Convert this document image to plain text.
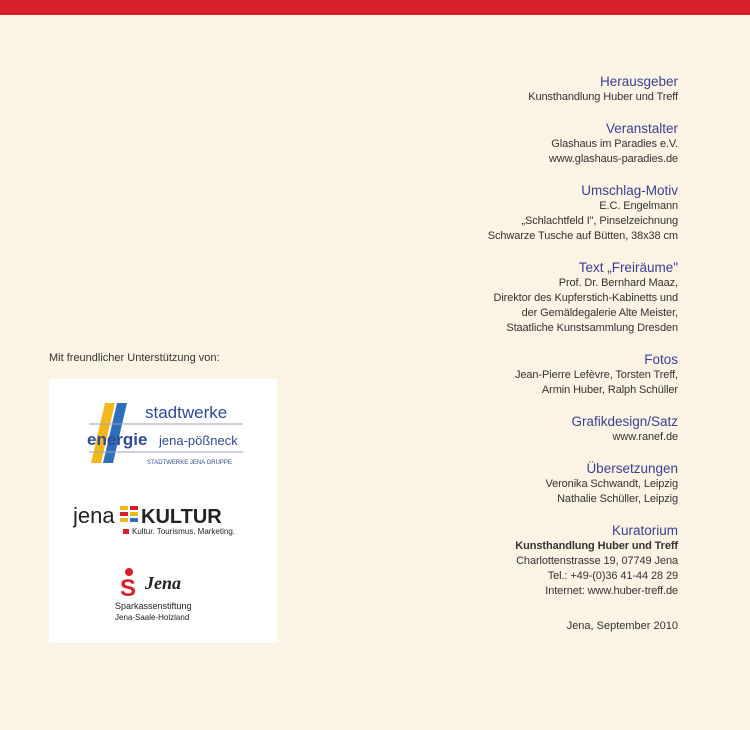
Herausgeber
Kunsthandlung Huber und Treff
Veranstalter
Glashaus im Paradies e.V.
www.glashaus-paradies.de
Umschlag-Motiv
E.C. Engelmann
„Schlachtfeld I", Pinselzeichnung
Schwarze Tusche auf Bütten, 38x38 cm
Text „Freiräume"
Prof. Dr. Bernhard Maaz,
Direktor des Kupferstich-Kabinetts und
der Gemäldegalerie Alte Meister,
Staatliche Kunstsammlung Dresden
Fotos
Jean-Pierre Lefèvre, Torsten Treff,
Armin Huber, Ralph Schüller
Grafikdesign/Satz
www.ranef.de
Übersetzungen
Veronika Schwandt, Leipzig
Nathalie Schüller, Leipzig
Kuratorium
Kunsthandlung Huber und Treff
Charlottenstrasse 19, 07749 Jena
Tel.: +49-(0)36 41-44 28 29
Internet: www.huber-treff.de
Jena, September 2010
Mit freundlicher Unterstützung von:
stadtwerke
energie jena-pößneck
STADTWERKE JENA GRUPPE
jena KULTUR
Kultur. Tourismus. Marketing.
S Jena
Sparkassenstiftung
Jena-Saale-Holzland
